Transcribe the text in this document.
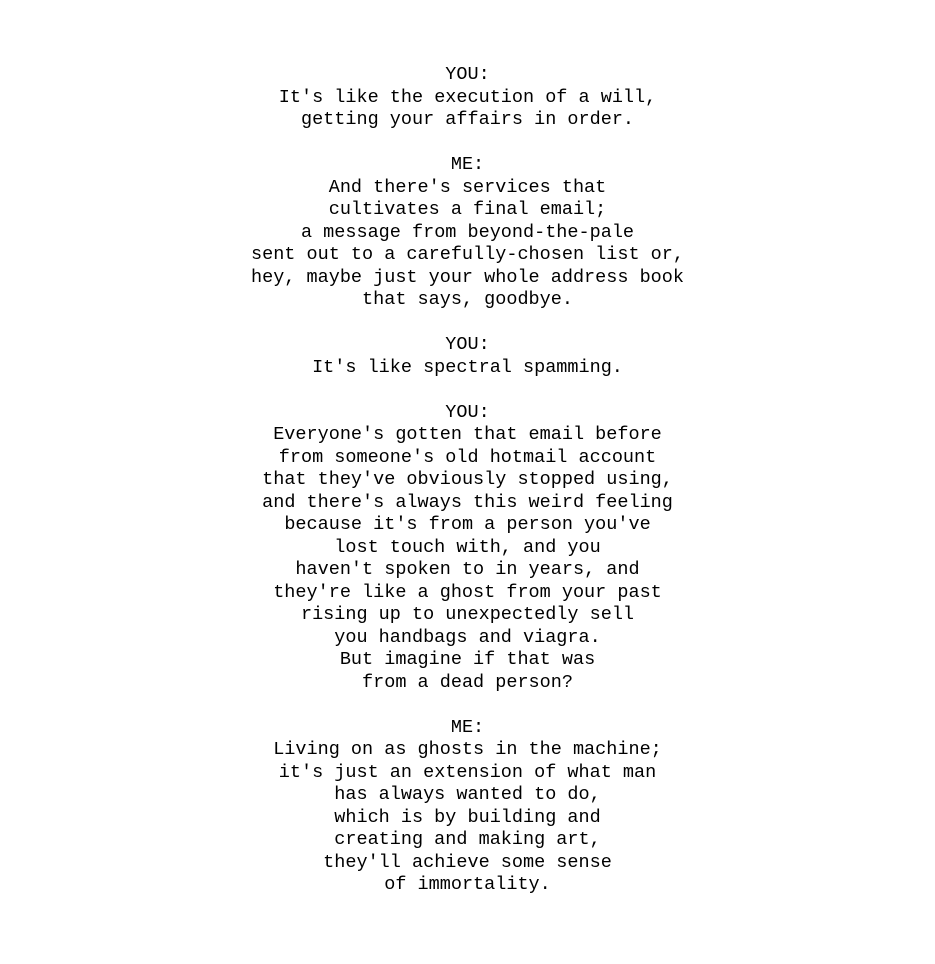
YOU:
It's like the execution of a will,
getting your affairs in order.
ME:
And there's services that
cultivates a final email;
a message from beyond-the-pale
sent out to a carefully-chosen list or,
hey, maybe just your whole address book
that says, goodbye.
YOU:
It's like spectral spamming.
YOU:
Everyone's gotten that email before
from someone's old hotmail account
that they've obviously stopped using,
and there's always this weird feeling
because it's from a person you've
lost touch with, and you
haven't spoken to in years, and
they're like a ghost from your past
rising up to unexpectedly sell
you handbags and viagra.
But imagine if that was
from a dead person?
ME:
Living on as ghosts in the machine;
it's just an extension of what man
has always wanted to do,
which is by building and
creating and making art,
they'll achieve some sense
of immortality.
